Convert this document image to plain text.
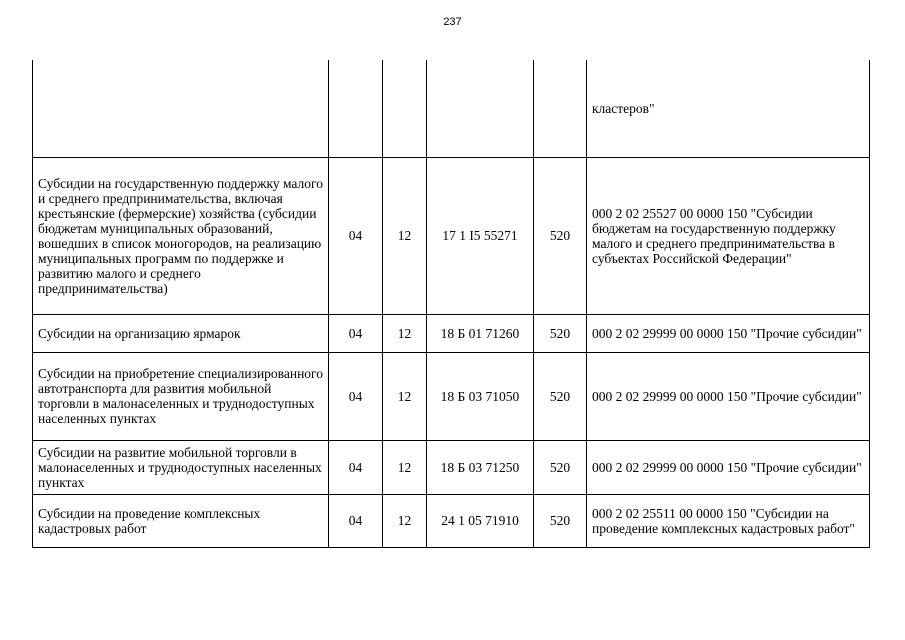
237
					кластеров"
Субсидии на государственную поддержку малого и среднего предпринимательства, включая крестьянские (фермерские) хозяйства (субсидии бюджетам муниципальных образований, вошедших в список моногородов, на реализацию муниципальных программ по поддержке и развитию малого и среднего предпринимательства)	04	12	17 1 I5 55271	520	000 2 02 25527 00 0000 150 "Субсидии бюджетам на государственную поддержку малого и среднего предпринимательства в субъектах Российской Федерации"
Субсидии на организацию ярмарок	04	12	18 Б 01 71260	520	000 2 02 29999 00 0000 150 "Прочие субсидии"
Субсидии на приобретение специализированного автотранспорта для развития мобильной торговли в малонаселенных и труднодоступных населенных пунктах	04	12	18 Б 03 71050	520	000 2 02 29999 00 0000 150 "Прочие субсидии"
Субсидии на развитие мобильной торговли в малонаселенных и труднодоступных населенных пунктах	04	12	18 Б 03 71250	520	000 2 02 29999 00 0000 150 "Прочие субсидии"
Субсидии на проведение комплексных кадастровых работ	04	12	24 1 05 71910	520	000 2 02 25511 00 0000 150 "Субсидии на проведение комплексных кадастровых работ"
